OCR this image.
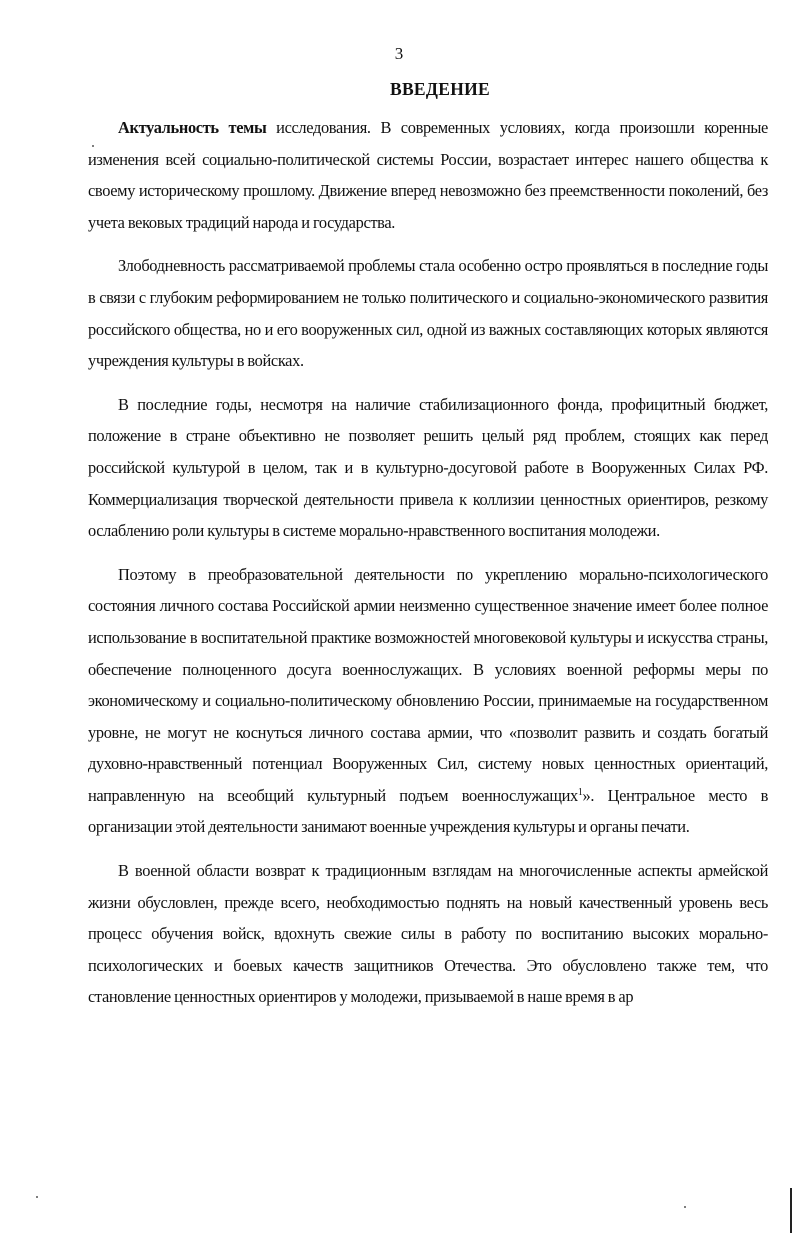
3
ВВЕДЕНИЕ

Актуальность темы исследования. В современных условиях, когда произошли коренные изменения всей социально-политической системы России, возрастает интерес нашего общества к своему историческому прошлому. Движение вперед невозможно без преемственности поколений, без учета вековых традиций народа и государства.

Злободневность рассматриваемой проблемы стала особенно остро проявляться в последние годы в связи с глубоким реформированием не только политического и социально-экономического развития российского общества, но и его вооруженных сил, одной из важных составляющих которых являются учреждения культуры в войсках.

В последние годы, несмотря на наличие стабилизационного фонда, профицитный бюджет, положение в стране объективно не позволяет решить целый ряд проблем, стоящих как перед российской культурой в целом, так и в культурно-досуговой работе в Вооруженных Силах РФ. Коммерциализация творческой деятельности привела к коллизии ценностных ориентиров, резкому ослаблению роли культуры в системе морально-нравственного воспитания молодежи.

Поэтому в преобразовательной деятельности по укреплению морально-психологического состояния личного состава Российской армии неизменно существенное значение имеет более полное использование в воспитательной практике возможностей многовековой культуры и искусства страны, обеспечение полноценного досуга военнослужащих. В условиях военной реформы меры по экономическому и социально-политическому обновлению России, принимаемые на государственном уровне, не могут не коснуться личного состава армии, что «позволит развить и создать богатый духовно-нравственный потенциал Вооруженных Сил, систему новых ценностных ориентаций, направленную на всеобщий культурный подъем военнослужащих$^1$». Центральное место в организации этой деятельности занимают военные учреждения культуры и органы печати.

В военной области возврат к традиционным взглядам на многочисленные аспекты армейской жизни обусловлен, прежде всего, необходимостью поднять на новый качественный уровень весь процесс обучения войск, вдохнуть свежие силы в работу по воспитанию высоких морально-психологических и боевых качеств защитников Отечества. Это обусловлено также тем, что становление ценностных ориентиров у молодежи, призываемой в наше время в ар
